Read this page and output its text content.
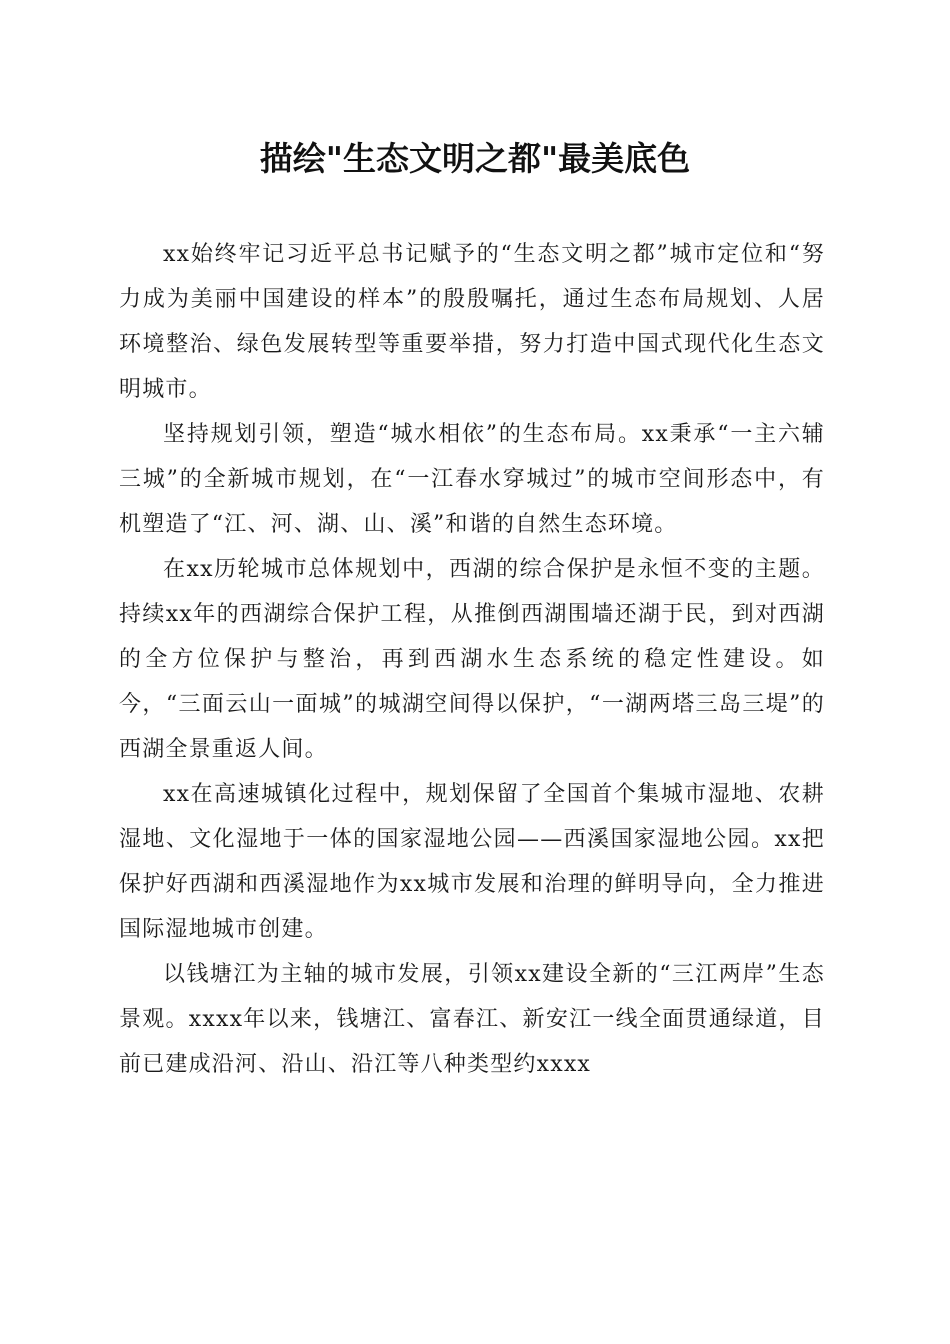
描绘"生态文明之都"最美底色

xx始终牢记习近平总书记赋予的“生态文明之都”城市定位和“努力成为美丽中国建设的样本”的殷殷嘱托，通过生态布局规划、人居环境整治、绿色发展转型等重要举措，努力打造中国式现代化生态文明城市。

坚持规划引领，塑造“城水相依”的生态布局。xx秉承“一主六辅三城”的全新城市规划，在“一江春水穿城过”的城市空间形态中，有机塑造了“江、河、湖、山、溪”和谐的自然生态环境。

在xx历轮城市总体规划中，西湖的综合保护是永恒不变的主题。持续xx年的西湖综合保护工程，从推倒西湖围墙还湖于民，到对西湖的全方位保护与整治，再到西湖水生态系统的稳定性建设。如今，“三面云山一面城”的城湖空间得以保护，“一湖两塔三岛三堤”的西湖全景重返人间。

xx在高速城镇化过程中，规划保留了全国首个集城市湿地、农耕湿地、文化湿地于一体的国家湿地公园——西溪国家湿地公园。xx把保护好西湖和西溪湿地作为xx城市发展和治理的鲜明导向，全力推进国际湿地城市创建。

以钱塘江为主轴的城市发展，引领xx建设全新的“三江两岸”生态景观。xxxx年以来，钱塘江、富春江、新安江一线全面贯通绿道，目前已建成沿河、沿山、沿江等八种类型约xxxx
